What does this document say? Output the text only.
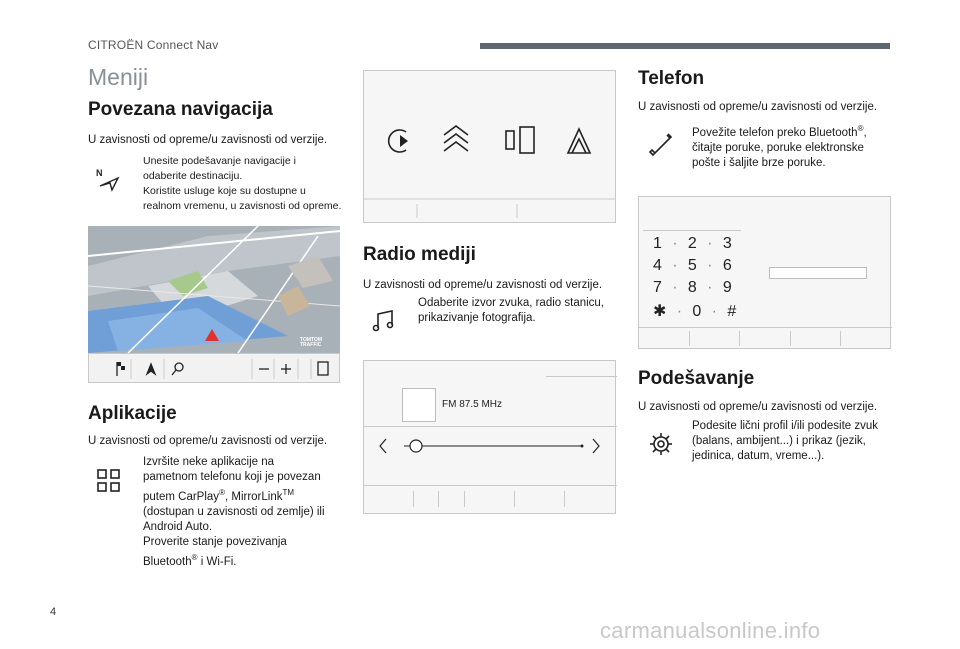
CITROËN Connect Nav
Meniji
Povezana navigacija
U zavisnosti od opreme/u zavisnosti od verzije.
N
Unesite podešavanje navigacije i
odaberite destinaciju.
Koristite usluge koje su dostupne u
realnom vremenu, u zavisnosti od opreme.
TOMTOM
TRAFFIC
Aplikacije
U zavisnosti od opreme/u zavisnosti od verzije.
Izvršite neke aplikacije na
pametnom telefonu koji je povezan
putem CarPlay®, MirrorLink™
(dostupan u zavisnosti od zemlje) ili
Android Auto.
Proverite stanje povezivanja
Bluetooth® i Wi-Fi.
Radio mediji
U zavisnosti od opreme/u zavisnosti od verzije.
Odaberite izvor zvuka, radio stanicu,
prikazivanje fotografija.
FM 87.5 MHz
Telefon
U zavisnosti od opreme/u zavisnosti od verzije.
Povežite telefon preko Bluetooth®,
čitajte poruke, poruke elektronske
pošte i šaljite brze poruke.
1 · 2 · 3
4 · 5 · 6
7 · 8 · 9
✱ · 0 · #
Podešavanje
U zavisnosti od opreme/u zavisnosti od verzije.
Podesite lični profil i/ili podesite zvuk
(balans, ambijent...) i prikaz (jezik,
jedinica, datum, vreme...).
4
carmanualsonline.info
